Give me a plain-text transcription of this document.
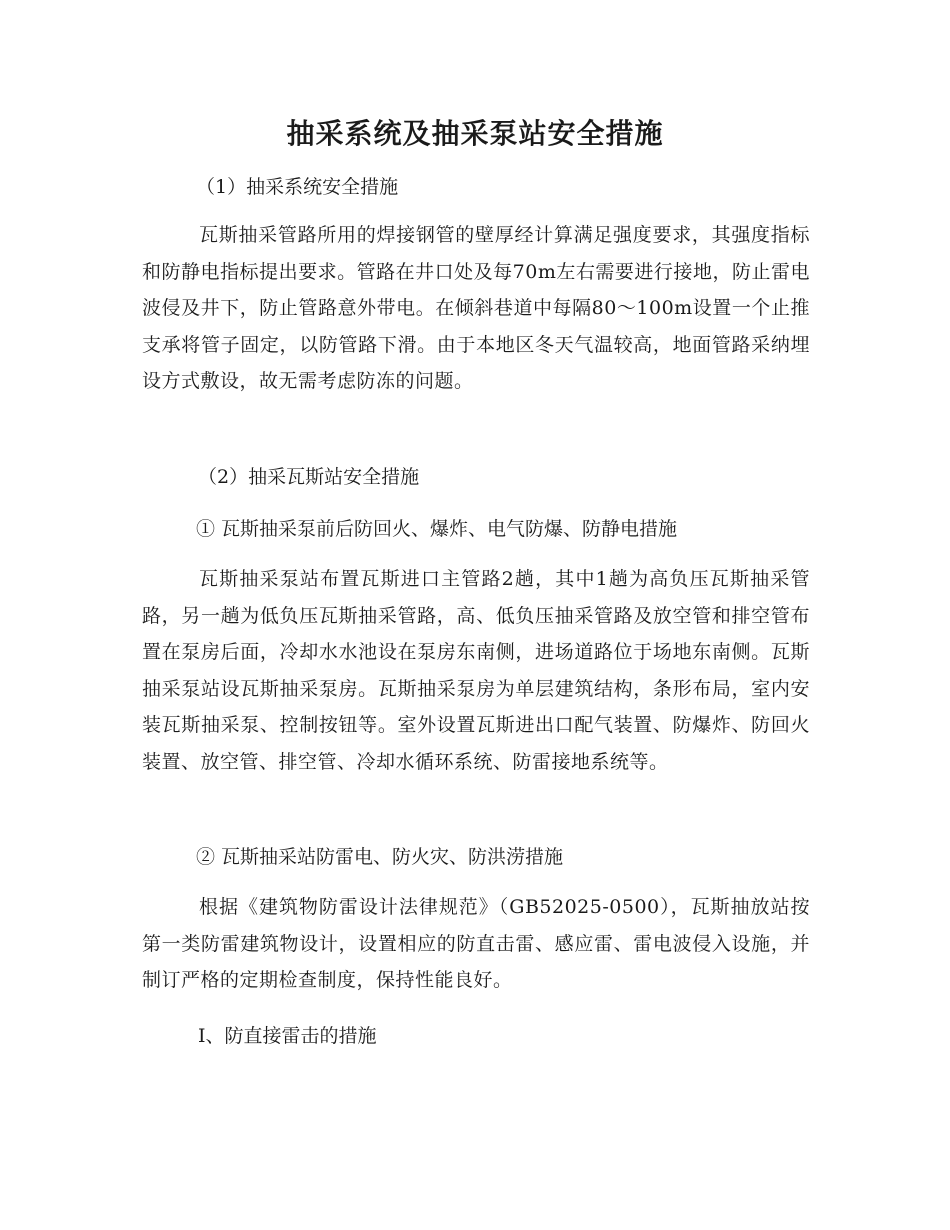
抽采系统及抽采泵站安全措施

（1）抽采系统安全措施

瓦斯抽采管路所用的焊接钢管的壁厚经计算满足强度要求，其强度指标和防静电指标提出要求。管路在井口处及每70m左右需要进行接地，防止雷电波侵及井下，防止管路意外带电。在倾斜巷道中每隔80～100m设置一个止推支承将管子固定，以防管路下滑。由于本地区冬天气温较高，地面管路采纳埋设方式敷设，故无需考虑防冻的问题。

（2）抽采瓦斯站安全措施

① 瓦斯抽采泵前后防回火、爆炸、电气防爆、防静电措施

瓦斯抽采泵站布置瓦斯进口主管路2趟，其中1趟为高负压瓦斯抽采管路，另一趟为低负压瓦斯抽采管路，高、低负压抽采管路及放空管和排空管布置在泵房后面，冷却水水池设在泵房东南侧，进场道路位于场地东南侧。瓦斯抽采泵站设瓦斯抽采泵房。瓦斯抽采泵房为单层建筑结构，条形布局，室内安装瓦斯抽采泵、控制按钮等。室外设置瓦斯进出口配气装置、防爆炸、防回火装置、放空管、排空管、冷却水循环系统、防雷接地系统等。

② 瓦斯抽采站防雷电、防火灾、防洪涝措施

根据《建筑物防雷设计法律规范》（GB52025-0500），瓦斯抽放站按第一类防雷建筑物设计，设置相应的防直击雷、感应雷、雷电波侵入设施，并制订严格的定期检查制度，保持性能良好。

Ⅰ、防直接雷击的措施
